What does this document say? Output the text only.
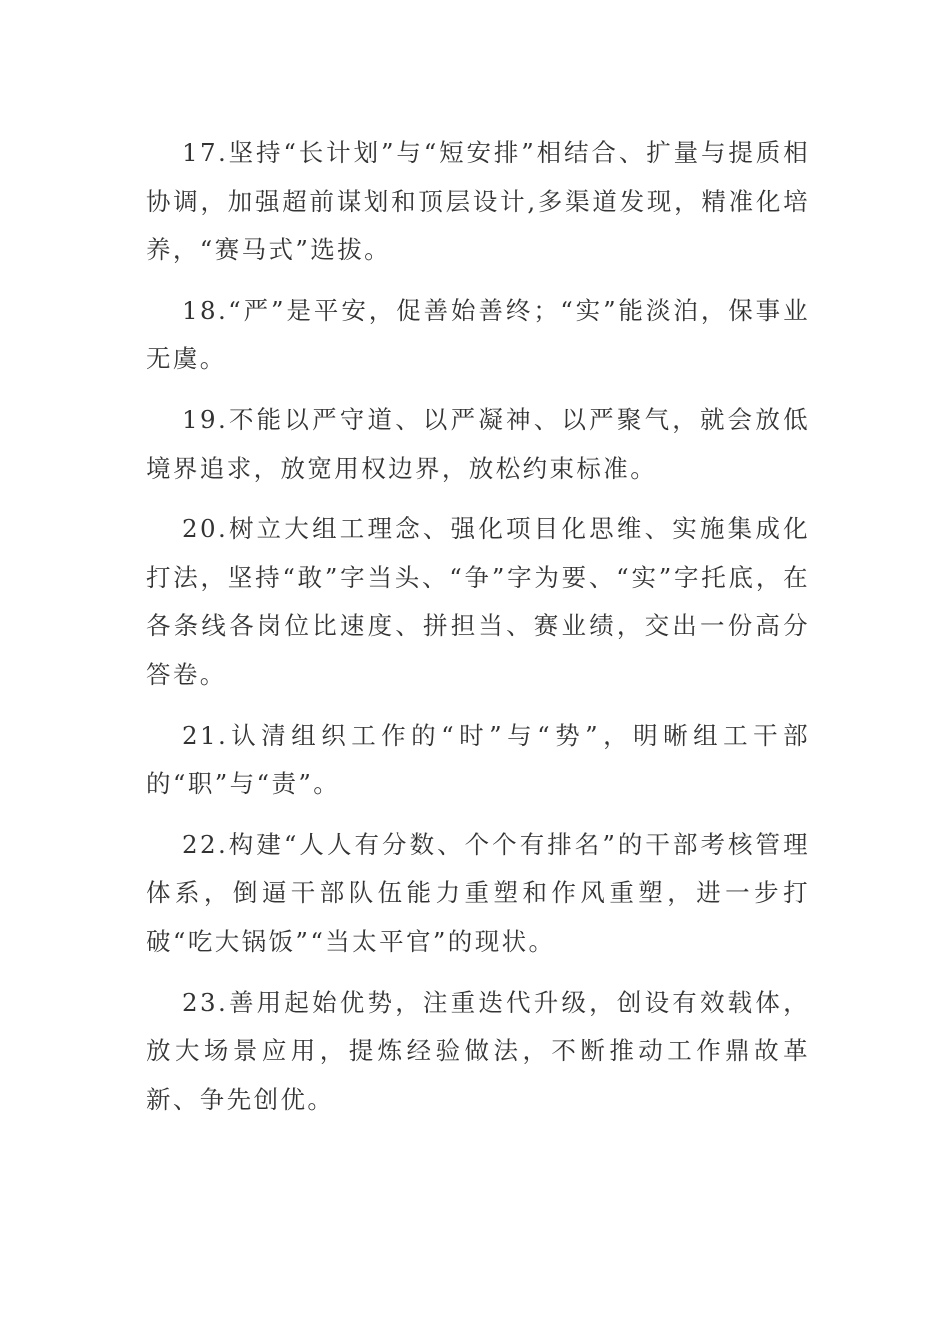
17.坚持“长计划”与“短安排”相结合、扩量与提质相协调，加强超前谋划和顶层设计,多渠道发现，精准化培养，“赛马式”选拔。

18.“严”是平安，促善始善终；“实”能淡泊，保事业无虞。

19.不能以严守道、以严凝神、以严聚气，就会放低境界追求，放宽用权边界，放松约束标准。

20.树立大组工理念、强化项目化思维、实施集成化打法，坚持“敢”字当头、“争”字为要、“实”字托底，在各条线各岗位比速度、拼担当、赛业绩，交出一份高分答卷。

21.认清组织工作的“时”与“势”，明晰组工干部的“职”与“责”。

22.构建“人人有分数、个个有排名”的干部考核管理体系，倒逼干部队伍能力重塑和作风重塑，进一步打破“吃大锅饭”“当太平官”的现状。

23.善用起始优势，注重迭代升级，创设有效载体，放大场景应用，提炼经验做法，不断推动工作鼎故革新、争先创优。
